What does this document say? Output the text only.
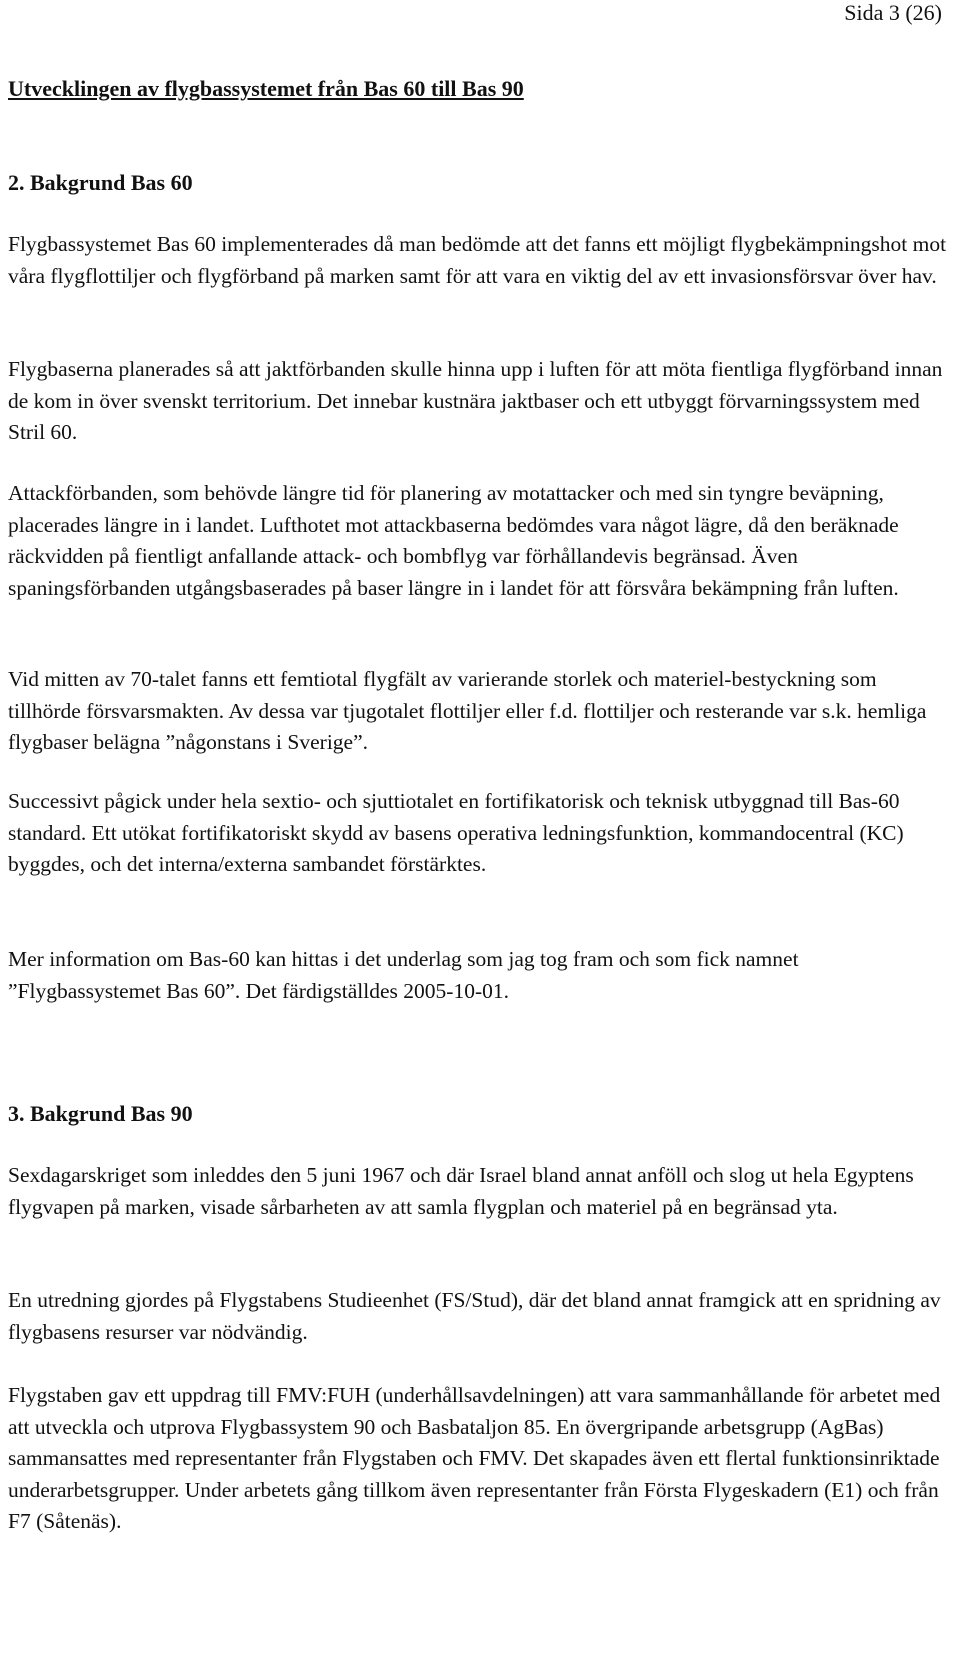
Sida 3 (26)
Utvecklingen av flygbassystemet från Bas 60 till Bas 90
2. Bakgrund Bas 60

Flygbassystemet Bas 60 implementerades då man bedömde att det fanns ett möjligt flygbekämpningshot mot våra flygflottiljer och flygförband på marken samt för att vara en viktig del av ett invasionsförsvar över hav.

Flygbaserna planerades så att jaktförbanden skulle hinna upp i luften för att möta fientliga flygförband innan de kom in över svenskt territorium. Det innebar kustnära jaktbaser och ett utbyggt förvarningssystem med Stril 60.

Attackförbanden, som behövde längre tid för planering av motattacker och med sin tyngre beväpning, placerades längre in i landet. Lufthotet mot attackbaserna bedömdes vara något lägre, då den beräknade räckvidden på fientligt anfallande attack- och bombflyg var förhållandevis begränsad. Även spaningsförbanden utgångsbaserades på baser längre in i landet för att försvåra bekämpning från luften.

Vid mitten av 70-talet fanns ett femtiotal flygfält av varierande storlek och materiel-bestyckning som tillhörde försvarsmakten. Av dessa var tjugotalet flottiljer eller f.d. flottiljer och resterande var s.k. hemliga flygbaser belägna ”någonstans i Sverige”.

Successivt pågick under hela sextio- och sjuttiotalet en fortifikatorisk och teknisk utbyggnad till Bas-60 standard. Ett utökat fortifikatoriskt skydd av basens operativa ledningsfunktion, kommandocentral (KC) byggdes, och det interna/externa sambandet förstärktes.

Mer information om Bas-60 kan hittas i det underlag som jag tog fram och som fick namnet ”Flygbassystemet Bas 60”. Det färdigställdes 2005-10-01.

3. Bakgrund Bas 90

Sexdagarskriget som inleddes den 5 juni 1967 och där Israel bland annat anföll och slog ut hela Egyptens flygvapen på marken, visade sårbarheten av att samla flygplan och materiel på en begränsad yta.

En utredning gjordes på Flygstabens Studieenhet (FS/Stud), där det bland annat framgick att en spridning av flygbasens resurser var nödvändig.

Flygstaben gav ett uppdrag till FMV:FUH (underhållsavdelningen) att vara sammanhållande för arbetet med att utveckla och utprova Flygbassystem 90 och Basbataljon 85. En övergripande arbetsgrupp (AgBas) sammansattes med representanter från Flygstaben och FMV. Det skapades även ett flertal funktionsinriktade underarbetsgrupper. Under arbetets gång tillkom även representanter från Första Flygeskadern (E1) och från F7 (Såtenäs).
